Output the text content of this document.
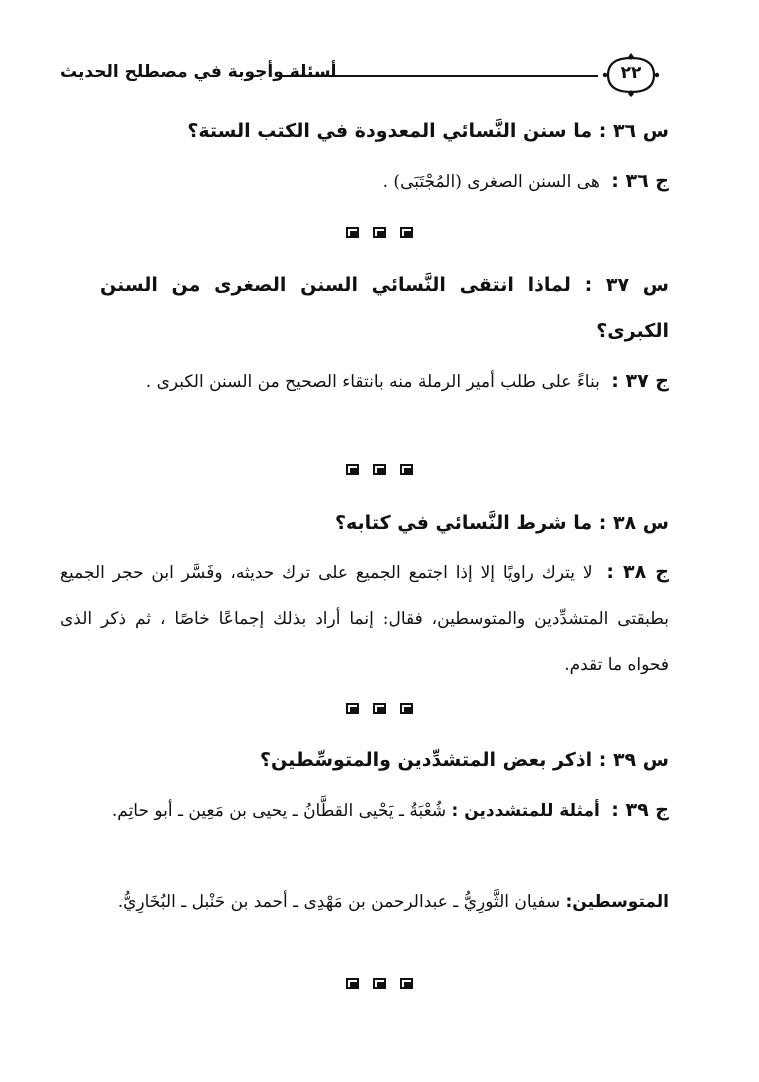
أسئلة وأجوبة في مصطلح الحديث	٢٢
س ٣٦ : ما سنن النَّسائي المعدودة في الكتب الستة؟
ج ٣٦ : هى السنن الصغرى (المُجْتَبَى) .
س ٣٧ : لماذا انتقى النَّسائي السنن الصغرى من السنن الكبرى؟
ج ٣٧ : بناءً على طلب أمير الرملة منه بانتقاء الصحيح من السنن الكبرى .
س ٣٨ : ما شرط النَّسائي في كتابه؟
ج ٣٨ : لا يترك راويًا إلا إذا اجتمع الجميع على ترك حديثه، وفَسَّر ابن حجر الجميع بطبقتى المتشدِّدين والمتوسطين، فقال: إنما أراد بذلك إجماعًا خاصًا ، ثم ذكر الذى فحواه ما تقدم.
س ٣٩ : اذكر بعض المتشدِّدين والمتوسِّطين؟
ج ٣٩ : أمثلة للمتشددين : شُعْبَةُ ـ يَحْيى القطَّانُ ـ يحيى بن مَعِين ـ أبو حاتِم.
المتوسطين: سفيان الثَّورِيُّ ـ عبدالرحمن بن مَهْدِى ـ أحمد بن حَنْبل ـ البُخَارِيُّ.
